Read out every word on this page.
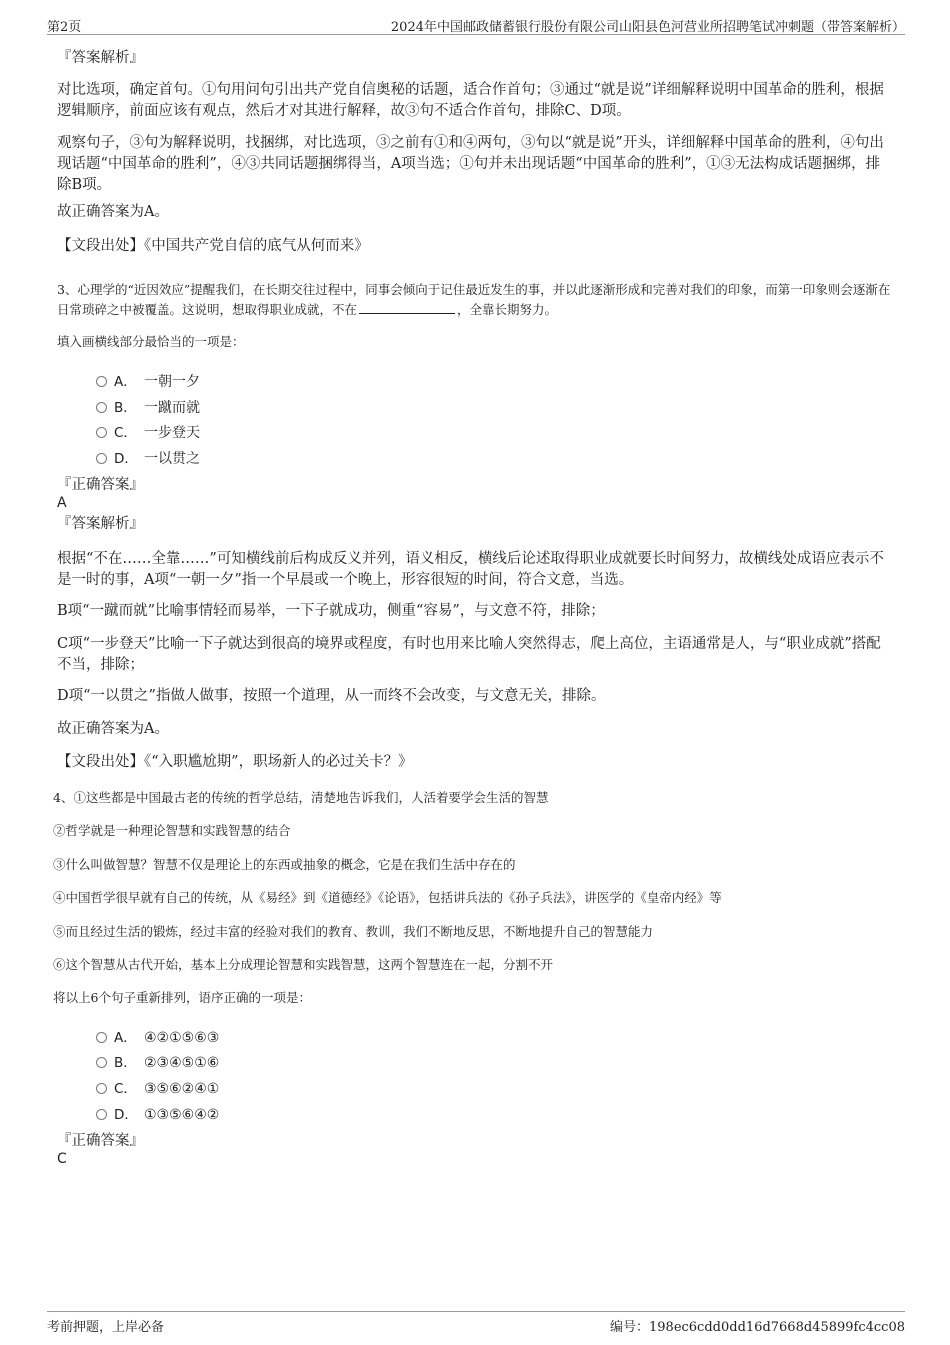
第2页	2024年中国邮政储蓄银行股份有限公司山阳县色河营业所招聘笔试冲刺题（带答案解析）
『答案解析』
对比选项，确定首句。①句用问句引出共产党自信奥秘的话题，适合作首句；③通过“就是说”详细解释说明中国革命的胜利，根据逻辑顺序，前面应该有观点，然后才对其进行解释，故③句不适合作首句，排除C、D项。
观察句子，③句为解释说明，找捆绑，对比选项，③之前有①和④两句，③句以“就是说”开头，详细解释中国革命的胜利，④句出现话题“中国革命的胜利”，④③共同话题捆绑得当，A项当选；①句并未出现话题“中国革命的胜利”，①③无法构成话题捆绑，排除B项。
故正确答案为A。
【文段出处】《中国共产党自信的底气从何而来》
3、心理学的“近因效应”提醒我们，在长期交往过程中，同事会倾向于记住最近发生的事，并以此逐渐形成和完善对我们的印象，而第一印象则会逐渐在日常琐碎之中被覆盖。这说明，想取得职业成就，不在	，全靠长期努力。
填入画横线部分最恰当的一项是：
A． 一朝一夕
B． 一蹴而就
C． 一步登天
D． 一以贯之
『正确答案』
A
『答案解析』
根据“不在……全靠……”可知横线前后构成反义并列，语义相反，横线后论述取得职业成就要长时间努力，故横线处成语应表示不是一时的事，A项“一朝一夕”指一个早晨或一个晚上，形容很短的时间，符合文意，当选。
B项“一蹴而就”比喻事情轻而易举，一下子就成功，侧重“容易”，与文意不符，排除；
C项“一步登天”比喻一下子就达到很高的境界或程度，有时也用来比喻人突然得志，爬上高位，主语通常是人，与“职业成就”搭配不当，排除；
D项“一以贯之”指做人做事，按照一个道理，从一而终不会改变，与文意无关，排除。
故正确答案为A。
【文段出处】《“入职尴尬期”，职场新人的必过关卡？》
4、①这些都是中国最古老的传统的哲学总结，清楚地告诉我们，人活着要学会生活的智慧
②哲学就是一种理论智慧和实践智慧的结合
③什么叫做智慧？智慧不仅是理论上的东西或抽象的概念，它是在我们生活中存在的
④中国哲学很早就有自己的传统，从《易经》到《道德经》《论语》，包括讲兵法的《孙子兵法》，讲医学的《皇帝内经》等
⑤而且经过生活的锻炼，经过丰富的经验对我们的教育、教训，我们不断地反思，不断地提升自己的智慧能力
⑥这个智慧从古代开始，基本上分成理论智慧和实践智慧，这两个智慧连在一起，分割不开
将以上6个句子重新排列，语序正确的一项是：
A． ④②①⑤⑥③
B． ②③④⑤①⑥
C． ③⑤⑥②④①
D． ①③⑤⑥④②
『正确答案』
C
考前押题，上岸必备	编号：198ec6cdd0dd16d7668d45899fc4cc08
